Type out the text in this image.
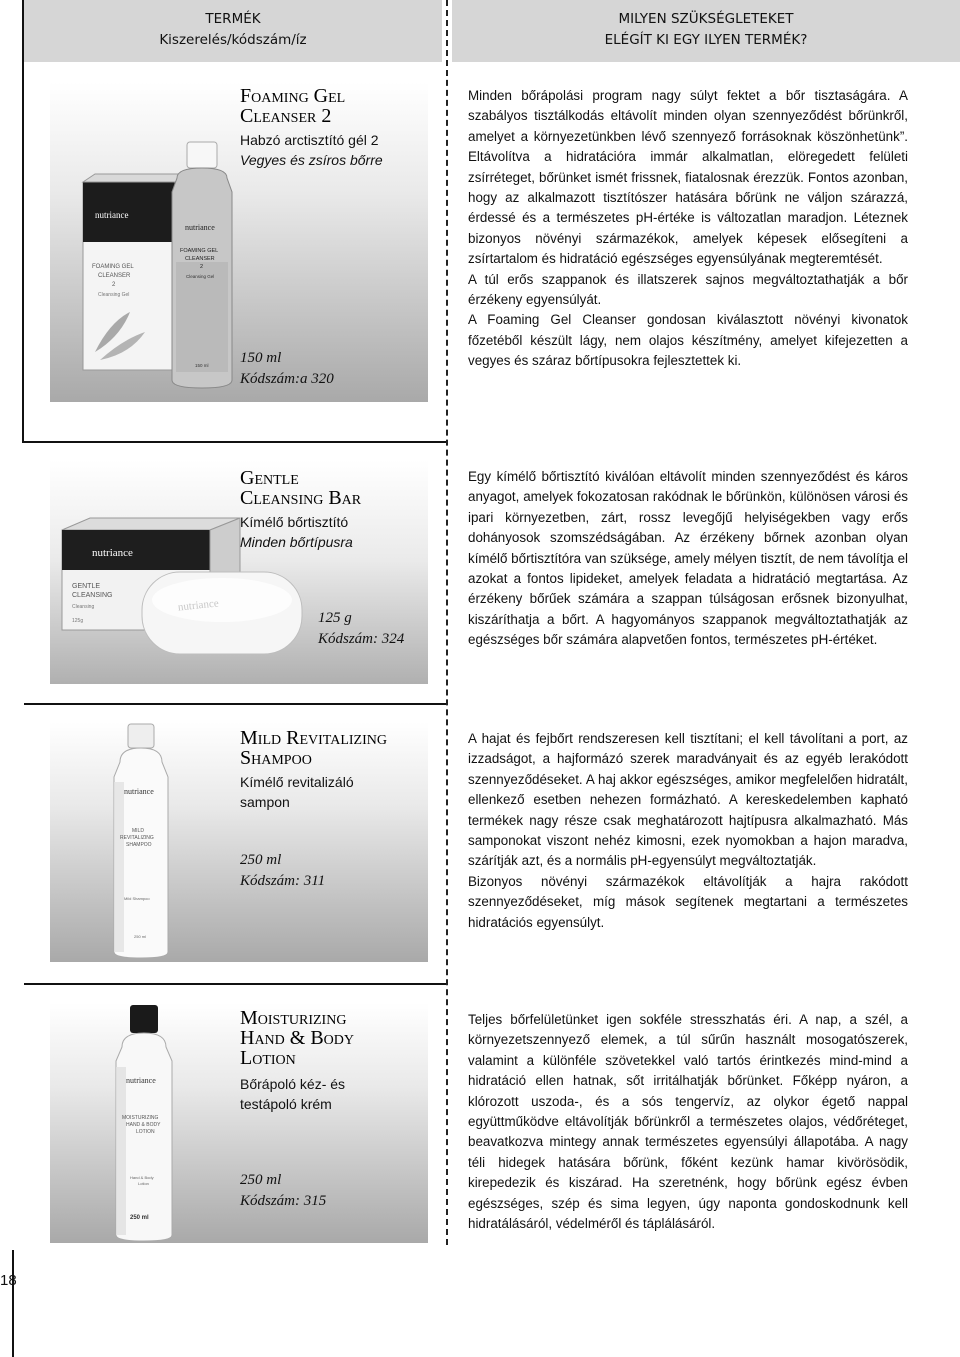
TERMÉK
Kiszerelés/kódszám/íz
MILYEN SZÜKSÉGLETEKET
ELÉGÍT KI EGY ILYEN TERMÉK?
nutriance
FOAMING GEL
CLEANSER
2
Cleansing Gel
nutriance
FOAMING GEL
CLEANSER
2
Cleansing Gel
150 ml
Foaming Gel
Cleanser 2
Habzó arctisztító gél 2
Vegyes és zsíros bőrre
150 ml
Kódszám:a 320

Minden bőrápolási program nagy súlyt fektet a bőr tisztaságára. A szabályos tisztálkodás eltávolít minden olyan szennyeződést bőrünkről, amelyet a környezetünkben lévő szennyező forrásoknak köszönhetünk”. Eltávolítva a hidratációra immár alkalmatlan, elöregedett felületi zsírréteget, bőrünket ismét frissnek, fiatalosnak érezzük. Fontos azonban, hogy az alkalmazott tisztítószer hatására bőrünk ne váljon szárazzá, érdessé és a természetes pH-értéke is változatlan maradjon. Léteznek bizonyos növényi származékok, amelyek képesek elősegíteni a zsírtartalom és hidratáció egészséges egyensúlyának megteremtését.

A túl erős szappanok és illatszerek sajnos megváltoztathatják a bőr érzékeny egyensúlyát.

A Foaming Gel Cleanser gondosan kiválasztott növényi kivonatok főzetéből készült lágy, nem olajos készítmény, amelyet kifejezetten a vegyes és száraz bőrtípusokra fejlesztettek ki.

nutriance
GENTLE
CLEANSING
Cleansing
125g
nutriance
Gentle
Cleansing Bar
Kímélő bőrtisztító
Minden bőrtípusra
125 g
Kódszám: 324

Egy kímélő bőrtisztító kiválóan eltávolít minden szennyeződést és káros anyagot, amelyek fokozatosan rakódnak le bőrünkön, különösen városi és ipari környezetben, zárt, rossz levegőjű helyiségekben vagy erős dohányosok szomszédságában. Az érzékeny bőrnek azonban olyan kímélő bőrtisztítóra van szüksége, amely mélyen tisztít, de nem távolítja el azokat a fontos lipideket, amelyek feladata a hidratáció megtartása. Az érzékeny bőrűek számára a szappan túlságosan erősnek bizonyulhat, kiszáríthatja a bőrt. A hagyományos szappanok megváltoztathatják az egészséges bőr számára alapvetően fontos, természetes pH-értéket.

nutriance
MILD
REVITALIZING
SHAMPOO
Mild Shampoo
250 ml
Mild Revitalizing
Shampoo
Kímélő revitalizáló
sampon
250 ml
Kódszám: 311

A hajat és fejbőrt rendszeresen kell tisztítani; el kell távolítani a port, az izzadságot, a hajformázó szerek maradványait és az egyéb lerakódott szennyeződéseket. A haj akkor egészséges, amikor megfelelően hidratált, ellenkező esetben nehezen formázható. A kereskedelemben kapható termékek nagy része csak meghatározott hajtípusra alkalmazható. Más samponokat viszont nehéz kimosni, ezek nyomokban a hajon maradva, szárítják azt, és a normális pH-egyensúlyt megváltoztatják.

Bizonyos növényi származékok eltávolítják a hajra rakódott szennyeződéseket, míg mások segítenek megtartani a természetes hidratációs egyensúlyt.

nutriance
MOISTURIZING
HAND & BODY
LOTION
Hand & Body
Lotion
250 ml
Moisturizing
Hand & Body
Lotion
Bőrápoló kéz- és
testápoló krém
250 ml
Kódszám: 315

Teljes bőrfelületünket igen sokféle stresszhatás éri. A nap, a szél, a környezetszennyező elemek, a túl sűrűn használt mosogatószerek, valamint a különféle szövetekkel való tartós érintkezés mind-mind a hidratáció ellen hatnak, sőt irritálhatják bőrünket. Főképp nyáron, a klórozott uszoda-, és a sós tengervíz, az olykor égető nappal együttműködve eltávolítják bőrünkről a természetes olajos, védőréteget, beavatkozva mintegy annak természetes egyensúlyi állapotába. A nagy téli hidegek hatására bőrünk, főként kezünk hamar kivörösödik, kirepedezik és kiszárad. Ha szeretnénk, hogy bőrünk egész évben egészséges, szép és sima legyen, úgy naponta gondoskodnunk kell hidratálásáról, védelméről és táplálásáról.

18
